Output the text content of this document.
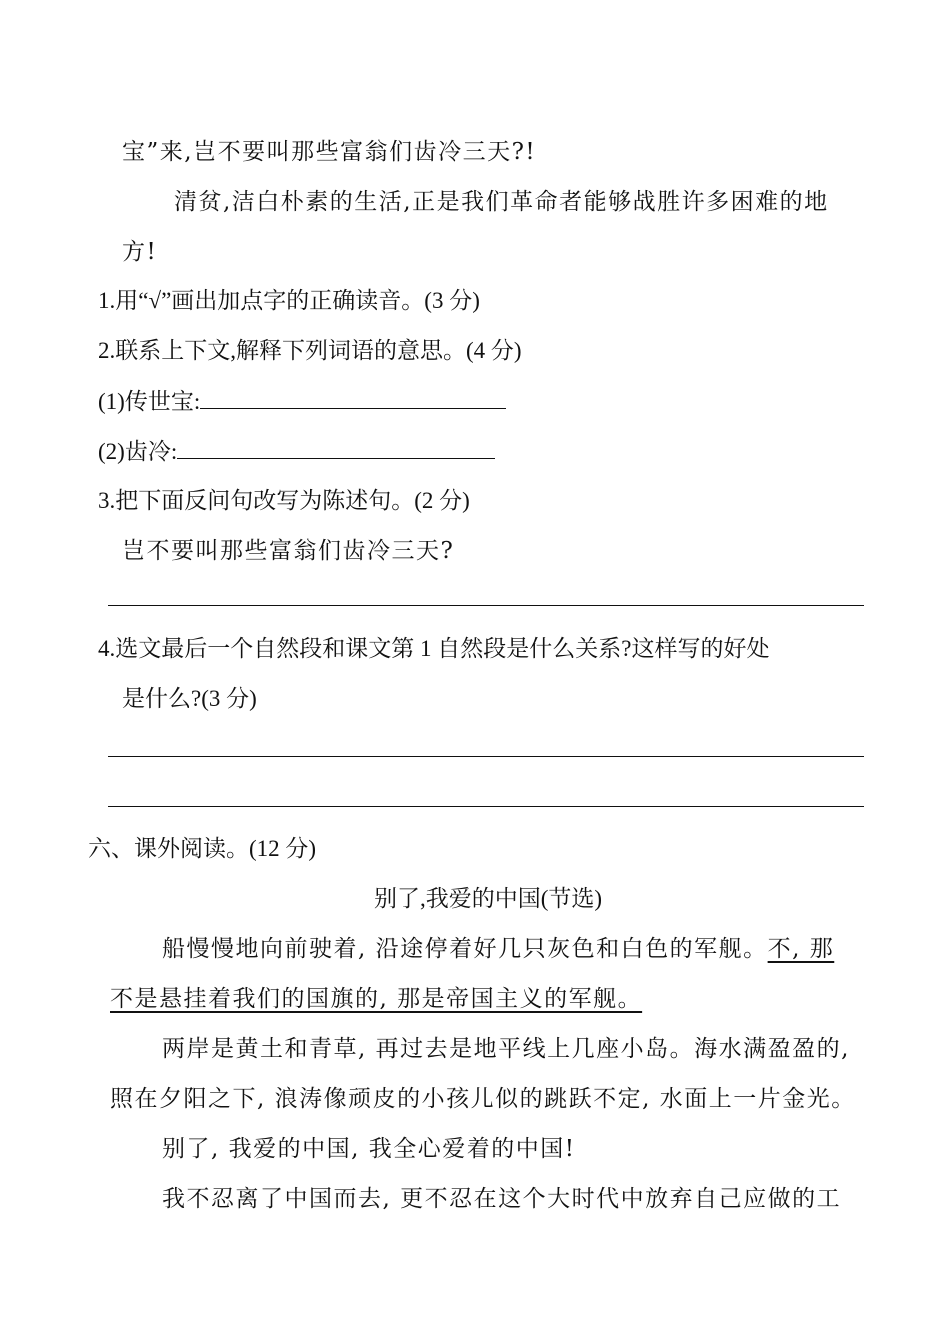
宝”来,岂不要叫那些富翁们齿冷三天?!
清贫,洁白朴素的生活,正是我们革命者能够战胜许多困难的地
方!
1.用“√”画出加点字的正确读音。(3 分)
2.联系上下文,解释下列词语的意思。(4 分)
(1)传世宝:
(2)齿冷:
3.把下面反问句改写为陈述句。(2 分)
岂不要叫那些富翁们齿冷三天?
4.选文最后一个自然段和课文第 1 自然段是什么关系?这样写的好处
是什么?(3 分)
六、课外阅读。(12 分)
别了,我爱的中国(节选)
船慢慢地向前驶着, 沿途停着好几只灰色和白色的军舰。不, 那
不是悬挂着我们的国旗的, 那是帝国主义的军舰。
两岸是黄土和青草, 再过去是地平线上几座小岛。海水满盈盈的,
照在夕阳之下, 浪涛像顽皮的小孩儿似的跳跃不定, 水面上一片金光。
别了, 我爱的中国, 我全心爱着的中国!
我不忍离了中国而去, 更不忍在这个大时代中放弃自己应做的工
